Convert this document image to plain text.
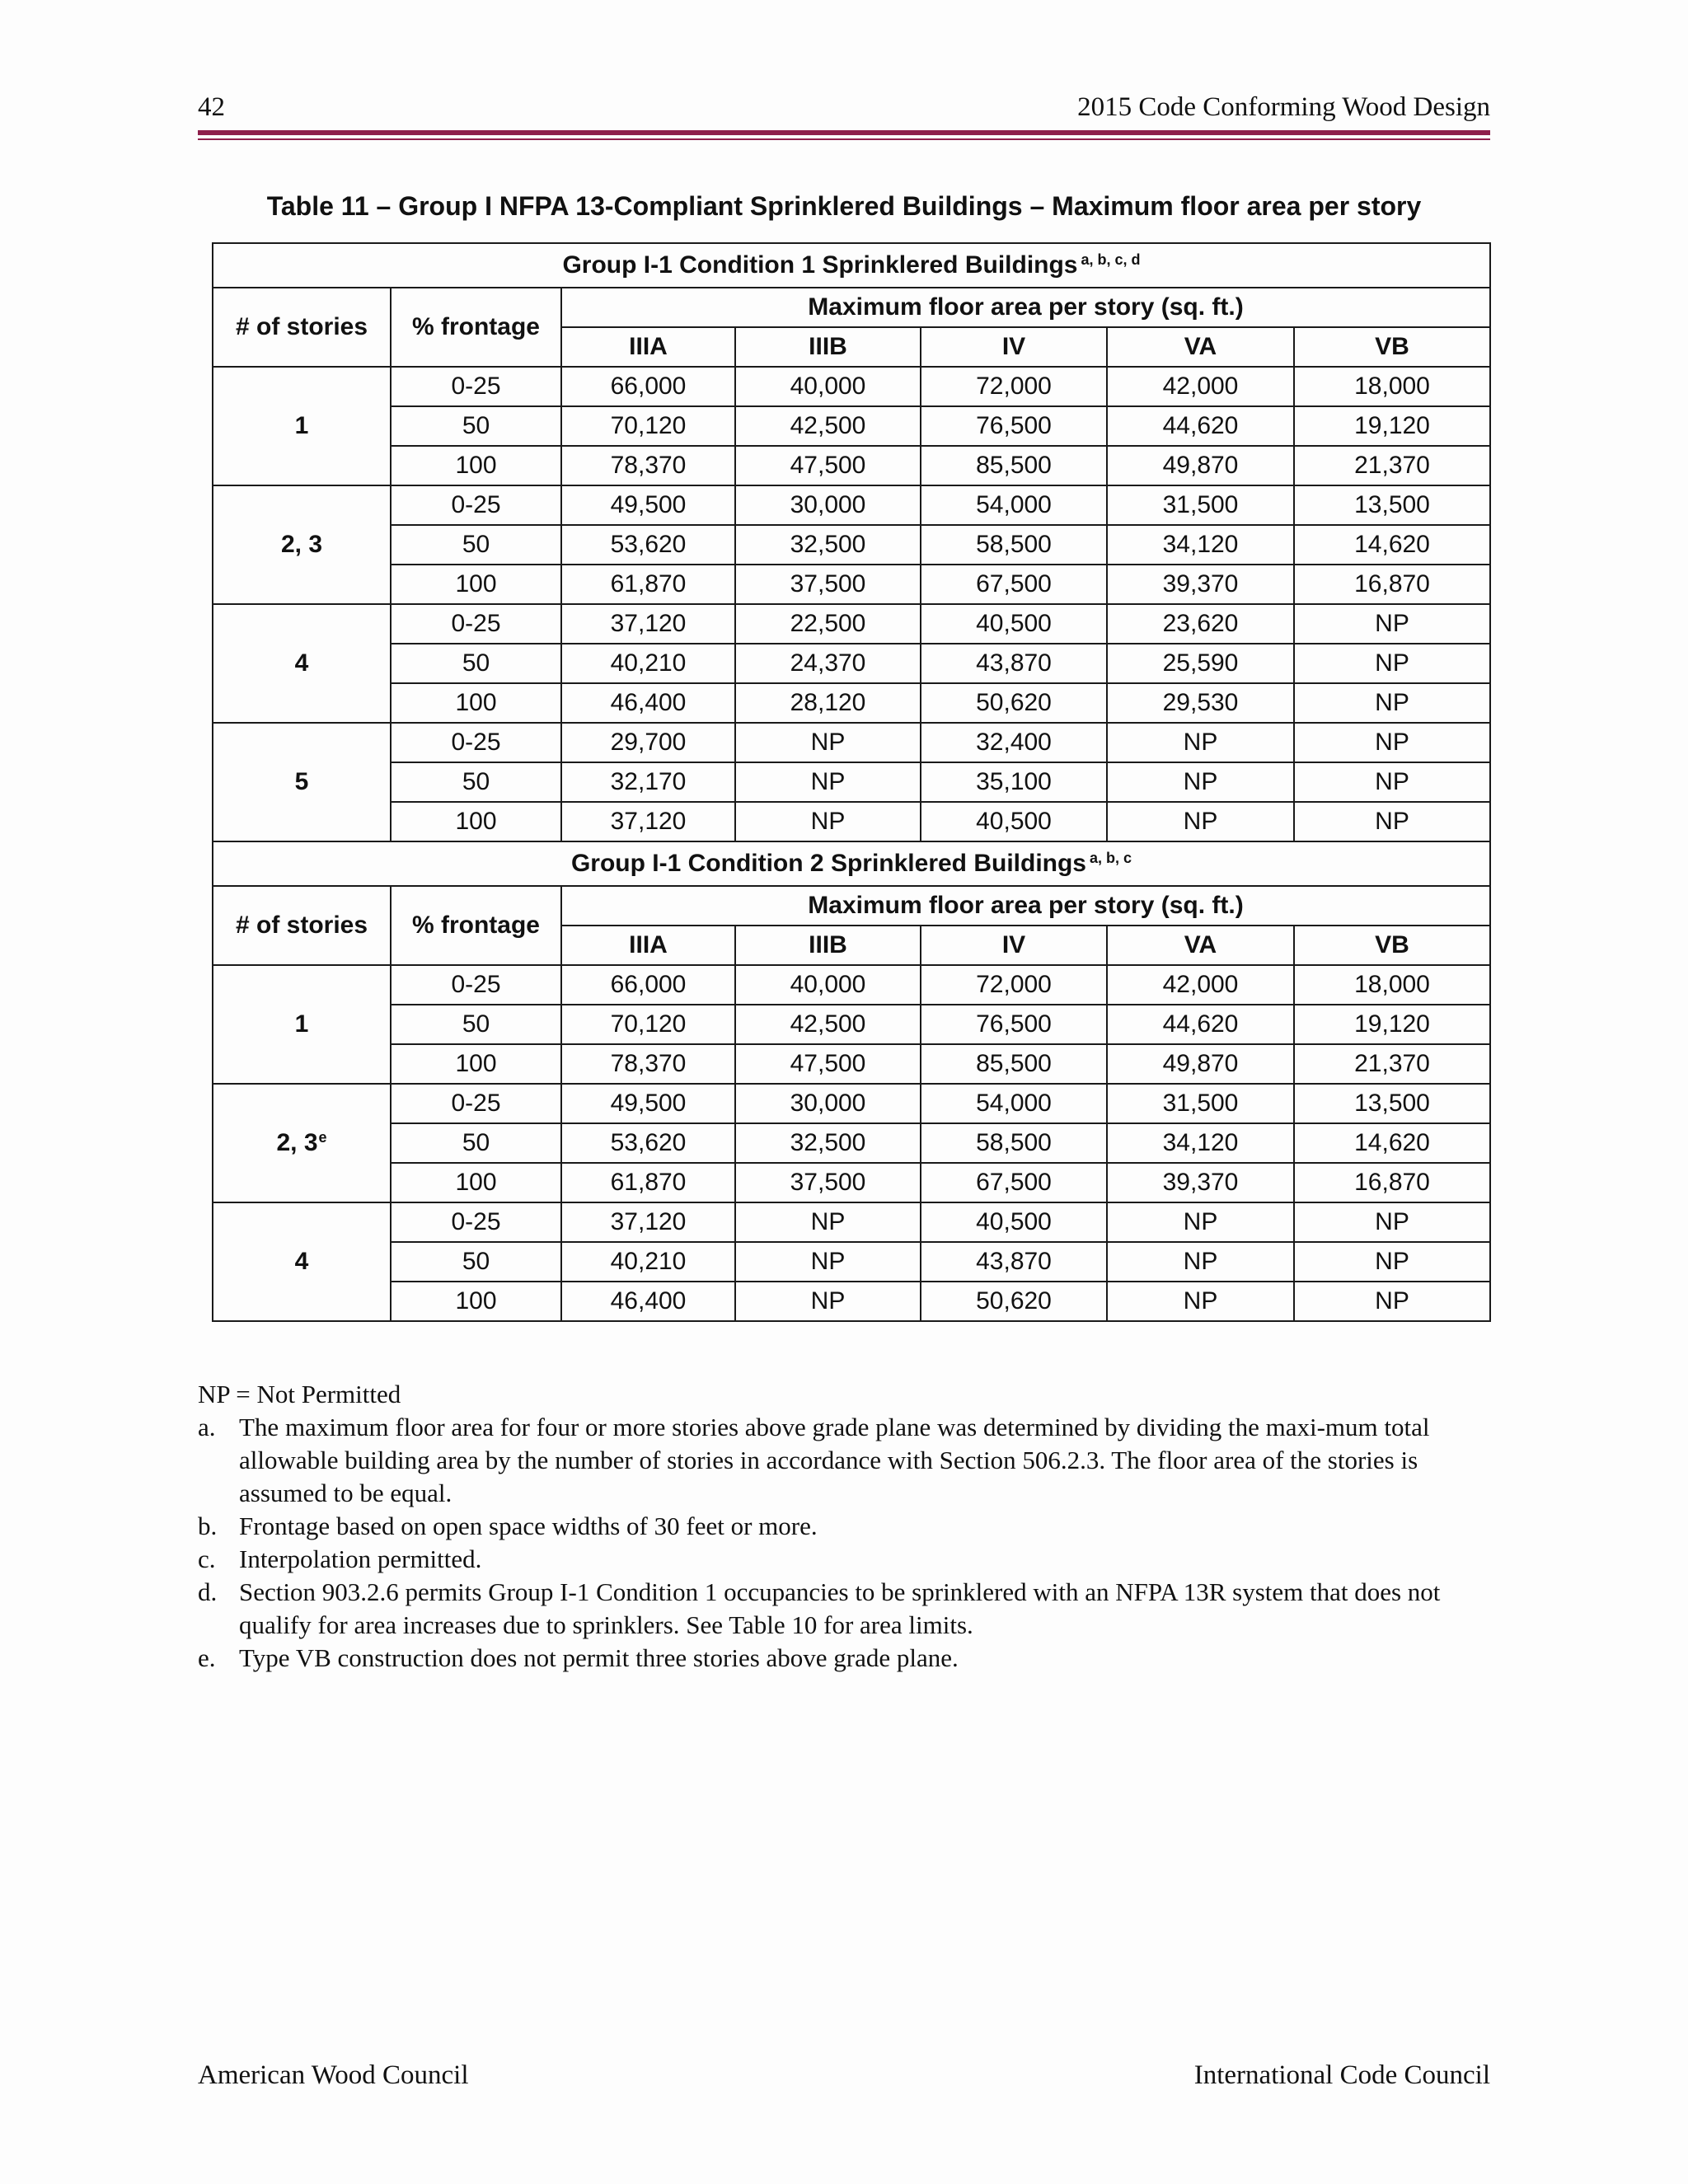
42	2015 Code Conforming Wood Design
Table 11 – Group I NFPA 13-Compliant Sprinklered Buildings – Maximum floor area per story
Group I-1 Condition 1 Sprinklered Buildings $^{a, b, c, d}$
# of stories	% frontage	Maximum floor area per story (sq. ft.)				
		IIIA	IIIB	IV	VA	VB
1	0-25	66,000	40,000	72,000	42,000	18,000
	50	70,120	42,500	76,500	44,620	19,120
	100	78,370	47,500	85,500	49,870	21,370
2, 3	0-25	49,500	30,000	54,000	31,500	13,500
	50	53,620	32,500	58,500	34,120	14,620
	100	61,870	37,500	67,500	39,370	16,870
4	0-25	37,120	22,500	40,500	23,620	NP
	50	40,210	24,370	43,870	25,590	NP
	100	46,400	28,120	50,620	29,530	NP
5	0-25	29,700	NP	32,400	NP	NP
	50	32,170	NP	35,100	NP	NP
	100	37,120	NP	40,500	NP	NP
Group I-1 Condition 2 Sprinklered Buildings $^{a, b, c}$
# of stories	% frontage	Maximum floor area per story (sq. ft.)				
		IIIA	IIIB	IV	VA	VB
1	0-25	66,000	40,000	72,000	42,000	18,000
	50	70,120	42,500	76,500	44,620	19,120
	100	78,370	47,500	85,500	49,870	21,370
2, 3e	0-25	49,500	30,000	54,000	31,500	13,500
	50	53,620	32,500	58,500	34,120	14,620
	100	61,870	37,500	67,500	39,370	16,870
4	0-25	37,120	NP	40,500	NP	NP
	50	40,210	NP	43,870	NP	NP
	100	46,400	NP	50,620	NP	NP

NP = Not Permitted

a. The maximum floor area for four or more stories above grade plane was determined by dividing the maxi-mum total allowable building area by the number of stories in accordance with Section 506.2.3. The floor area of the stories is assumed to be equal.
b. Frontage based on open space widths of 30 feet or more.
c. Interpolation permitted.
d. Section 903.2.6 permits Group I-1 Condition 1 occupancies to be sprinklered with an NFPA 13R system that does not qualify for area increases due to sprinklers. See Table 10 for area limits.
e. Type VB construction does not permit three stories above grade plane.
American Wood Council	International Code Council
